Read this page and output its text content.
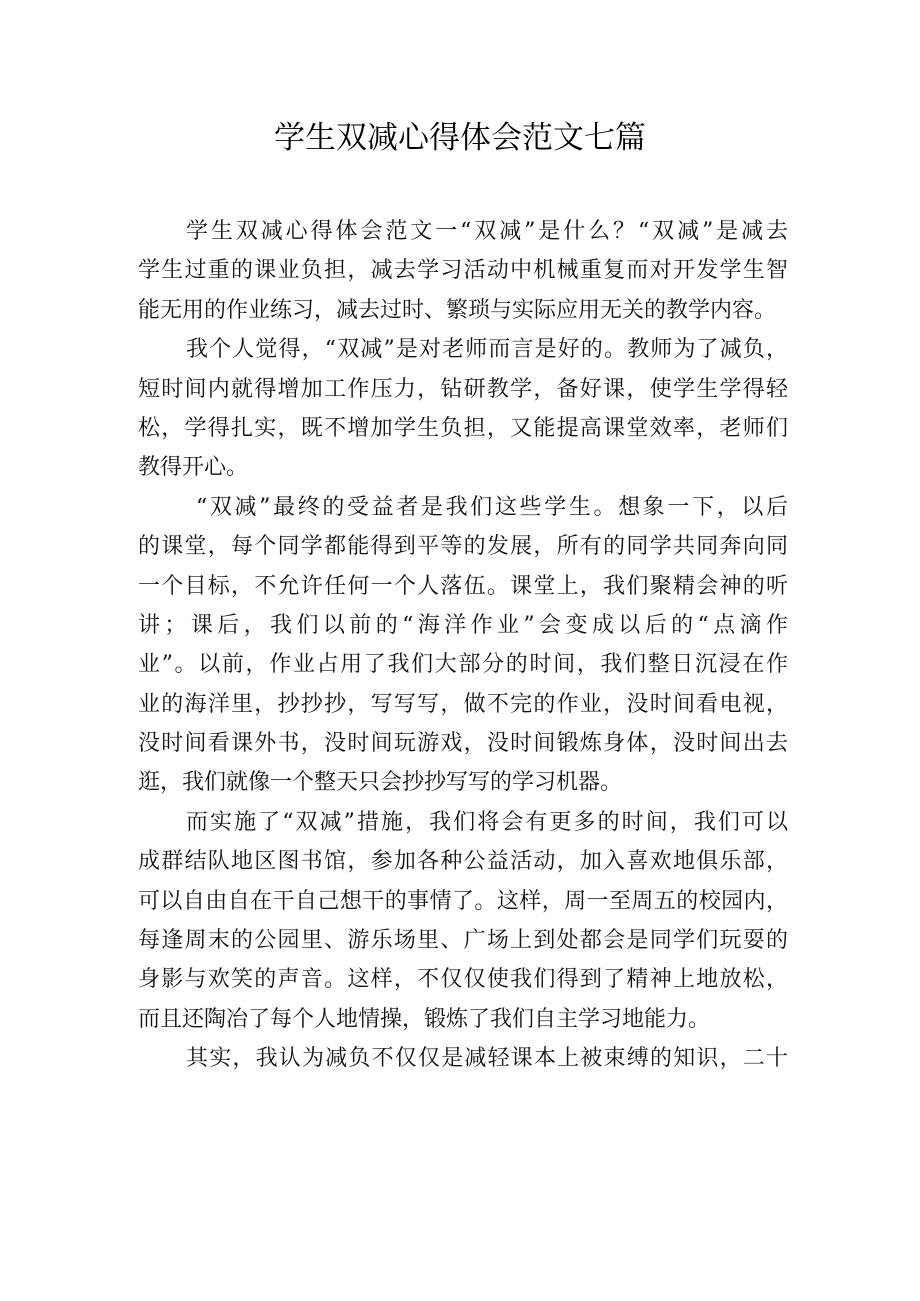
学生双减心得体会范文七篇
学生双减心得体会范文一“双减”是什么？“双减”是减去
学生过重的课业负担，减去学习活动中机械重复而对开发学生智
能无用的作业练习，减去过时、繁琐与实际应用无关的教学内容。
我个人觉得，“双减”是对老师而言是好的。教师为了减负，
短时间内就得增加工作压力，钻研教学，备好课，使学生学得轻
松，学得扎实，既不增加学生负担，又能提高课堂效率，老师们
教得开心。
“双减”最终的受益者是我们这些学生。想象一下，以后
的课堂，每个同学都能得到平等的发展，所有的同学共同奔向同
一个目标，不允许任何一个人落伍。课堂上，我们聚精会神的听
讲；课后，我们以前的“海洋作业”会变成以后的“点滴作
业”。以前，作业占用了我们大部分的时间，我们整日沉浸在作
业的海洋里，抄抄抄，写写写，做不完的作业，没时间看电视，
没时间看课外书，没时间玩游戏，没时间锻炼身体，没时间出去
逛，我们就像一个整天只会抄抄写写的学习机器。
而实施了“双减”措施，我们将会有更多的时间，我们可以
成群结队地区图书馆，参加各种公益活动，加入喜欢地俱乐部，
可以自由自在干自己想干的事情了。这样，周一至周五的校园内，
每逢周末的公园里、游乐场里、广场上到处都会是同学们玩耍的
身影与欢笑的声音。这样，不仅仅使我们得到了精神上地放松，
而且还陶冶了每个人地情操，锻炼了我们自主学习地能力。
其实，我认为减负不仅仅是减轻课本上被束缚的知识，二十
